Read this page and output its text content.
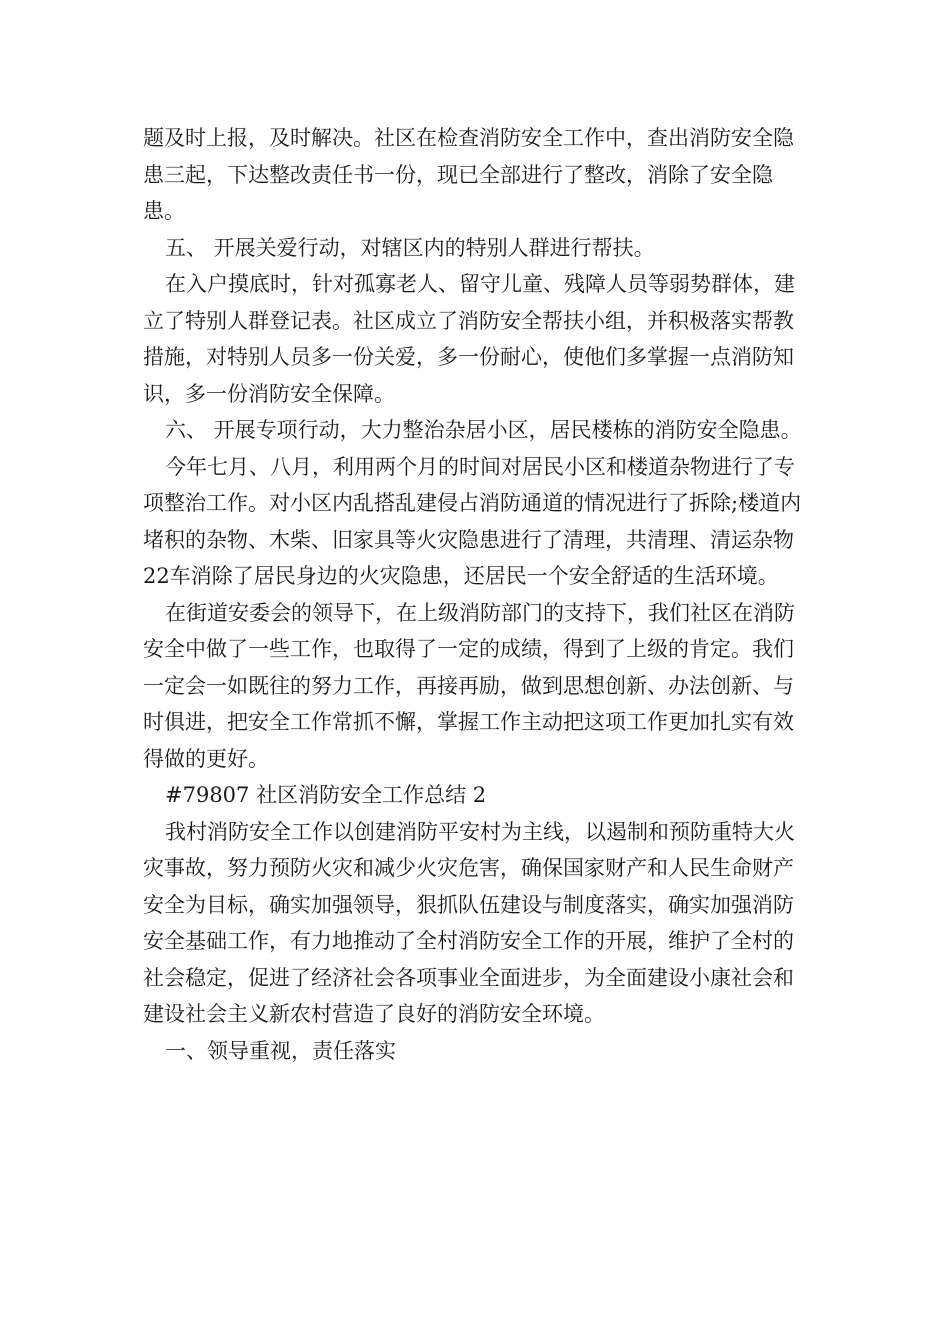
题及时上报，及时解决。社区在检查消防安全工作中，查出消防安全隐患三起，下达整改责任书一份，现已全部进行了整改，消除了安全隐患。

五、 开展关爱行动，对辖区内的特别人群进行帮扶。

在入户摸底时，针对孤寡老人、留守儿童、残障人员等弱势群体，建立了特别人群登记表。社区成立了消防安全帮扶小组，并积极落实帮教措施，对特别人员多一份关爱，多一份耐心，使他们多掌握一点消防知识，多一份消防安全保障。

六、 开展专项行动，大力整治杂居小区，居民楼栋的消防安全隐患。

今年七月、八月，利用两个月的时间对居民小区和楼道杂物进行了专项整治工作。对小区内乱搭乱建侵占消防通道的情况进行了拆除;楼道内堵积的杂物、木柴、旧家具等火灾隐患进行了清理，共清理、清运杂物22车消除了居民身边的火灾隐患，还居民一个安全舒适的生活环境。

在街道安委会的领导下，在上级消防部门的支持下，我们社区在消防安全中做了一些工作，也取得了一定的成绩，得到了上级的肯定。我们一定会一如既往的努力工作，再接再励，做到思想创新、办法创新、与时俱进，把安全工作常抓不懈，掌握工作主动把这项工作更加扎实有效得做的更好。

#79807 社区消防安全工作总结 2

我村消防安全工作以创建消防平安村为主线，以遏制和预防重特大火灾事故，努力预防火灾和减少火灾危害，确保国家财产和人民生命财产安全为目标，确实加强领导，狠抓队伍建设与制度落实，确实加强消防安全基础工作，有力地推动了全村消防安全工作的开展，维护了全村的社会稳定，促进了经济社会各项事业全面进步，为全面建设小康社会和建设社会主义新农村营造了良好的消防安全环境。

一、领导重视，责任落实
